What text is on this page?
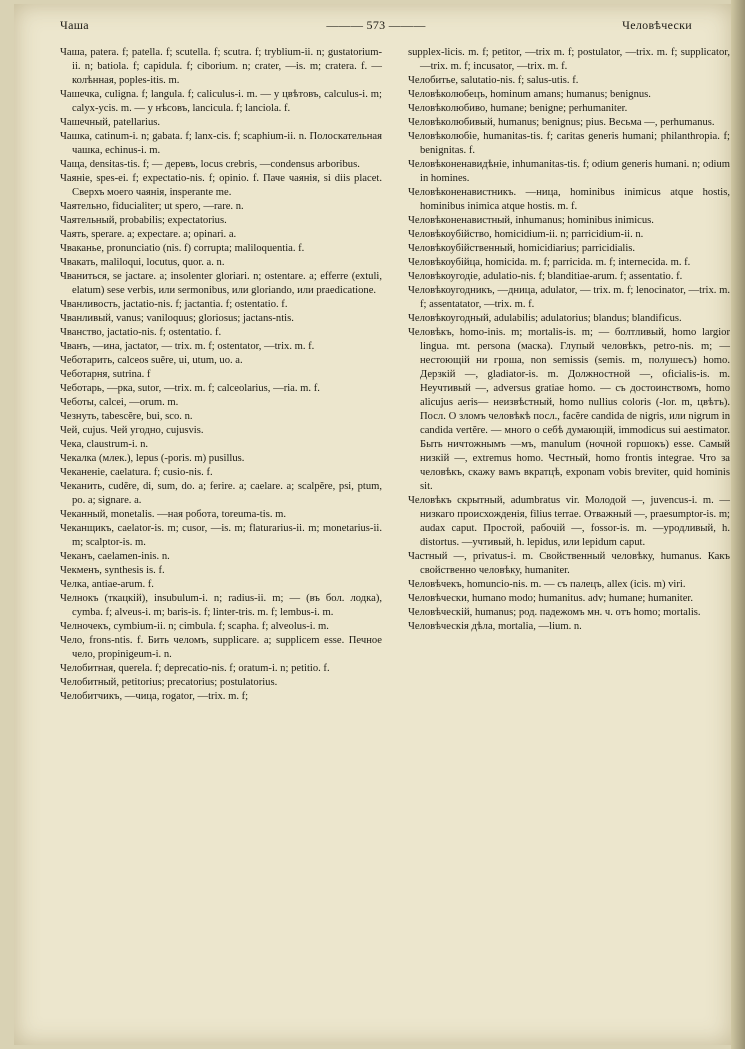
Чаша	——— 573 ———	Человѣчески

Чаша, patera. f; patella. f; scutella. f; scutra. f; tryblium-ii. n; gustatorium-ii. n; batiola. f; capidula. f; ciborium. n; crater, —is. m; cratera. f. — колѣнная, poples-itis. m.

Чашечка, culigna. f; langula. f; caliculus-i. m. — у цвѣтовъ, calculus-i. m; calyx-ycis. m. — у нѣсовъ, lancicula. f; lanciola. f.

Чашечный, patellarius.

Чашка, catinum-i. n; gabata. f; lanx-cis. f; scaphium-ii. n. Полоскательная чашка, echinus-i. m.

Чаща, densitas-tis. f; — деревъ, locus crebris, —condensus arboribus.

Чаяніе, spes-ei. f; expectatio-nis. f; opinio. f. Паче чаянія, si diis placet. Сверхъ моего чаянія, insperante me.

Чаятельно, fiducialiter; ut spero, —rare. n.

Чаятельный, probabilis; expectatorius.

Чаять, sperare. a; expectare. a; opinari. a.

Чваканье, pronunciatio (nis. f) corrupta; maliloquentia. f.

Чвакать, maliloqui, locutus, quor. a. n.

Чваниться, se jactare. a; insolenter gloriari. n; ostentare. a; efferre (extuli, elatum) sese verbis, или sermonibus, или gloriando, или praedicatione.

Чванливость, jactatio-nis. f; jactantia. f; ostentatio. f.

Чванливый, vanus; vaniloquus; gloriosus; jactans-ntis.

Чванство, jactatio-nis. f; ostentatio. f.

Чванъ, —ина, jactator, — trix. m. f; ostentator, —trix. m. f.

Чеботарить, calceos suĕre, ui, utum, uo. a.

Чеботарня, sutrina. f

Чеботарь, —рка, sutor, —trix. m. f; calceolarius, —ria. m. f.

Чеботы, calcei, —orum. m.

Чезнуть, tabescĕre, bui, sco. n.

Чей, cujus. Чей угодно, cujusvis.

Чека, claustrum-i. n.

Чекалка (млек.), lepus (-poris. m) pusillus.

Чеканеніе, caelatura. f; cusio-nis. f.

Чеканить, cudĕre, di, sum, do. a; ferire. a; caelare. a; scalpĕre, psi, ptum, po. a; signare. a.

Чеканный, monetalis. —ная робота, toreuma-tis. m.

Чеканщикъ, caelator-is. m; cusor, —is. m; flaturarius-ii. m; monetarius-ii. m; scalptor-is. m.

Чеканъ, caelamen-inis. n.

Чекменъ, synthesis is. f.

Челка, antiae-arum. f.

Челнокъ (ткацкій), insubulum-i. n; radius-ii. m; — (въ бол. лодка), cymba. f; alveus-i. m; baris-is. f; linter-tris. m. f; lembus-i. m.

Челночекъ, cymbium-ii. n; cimbula. f; scapha. f; alveolus-i. m.

Чело, frons-ntis. f. Бить челомъ, supplicare. a; supplicem esse. Печное чело, propinigeum-i. n.

Челобитная, querela. f; deprecatio-nis. f; oratum-i. n; petitio. f.

Челобитный, petitorius; precatorius; postulatorius.

Челобитчикъ, —чица, rogator, —trix. m. f;

supplex-licis. m. f; petitor, —trix m. f; postulator, —trix. m. f; supplicator, —trix. m. f; incusator, —trix. m. f.

Челобитье, salutatio-nis. f; salus-utis. f.

Человѣколюбецъ, hominum amans; humanus; benignus.

Человѣколюбиво, humane; benigne; perhumaniter.

Человѣколюбивый, humanus; benignus; pius. Весьма —, perhumanus.

Человѣколюбіе, humanitas-tis. f; caritas generis humani; philanthropia. f; benignitas. f.

Человѣконенавидѣніе, inhumanitas-tis. f; odium generis humani. n; odium in homines.

Человѣконенавистникъ. —ница, hominibus inimicus atque hostis, hominibus inimica atque hostis. m. f.

Человѣконенавистный, inhumanus; hominibus inimicus.

Человѣкоубійство, homicidium-ii. n; parricidium-ii. n.

Человѣкоубійственный, homicidiarius; parricidialis.

Человѣкоубійца, homicida. m. f; parricida. m. f; internecida. m. f.

Человѣкоугодіе, adulatio-nis. f; blanditiae-arum. f; assentatio. f.

Человѣкоугодникъ, —дница, adulator, — trix. m. f; lenocinator, —trix. m. f; assentatator, —trix. m. f.

Человѣкоугодный, adulabilis; adulatorius; blandus; blandificus.

Человѣкъ, homo-inis. m; mortalis-is. m; — болтливый, homo largior lingua. mt. persona (маска). Глупый человѣкъ, petro-nis. m; — нестоющій ни гроша, non semissis (semis. m, полушесъ) homo. Дерзкій —, gladiator-is. m. Должностной —, oficialis-is. m. Неучтивый —, adversus gratiae homo. — съ достоинствомъ, homo alicujus aeris— неизвѣстный, homo nullius coloris (-lor. m, цвѣтъ). Посл. О зломъ человѣкѣ посл., facĕre candida de nigris, или nigrum in candida vertĕre. — много о себѣ думающій, immodicus sui aestimator. Быть ничтожнымъ —мъ, manulum (ночной горшокъ) esse. Самый низкій —, extremus homo. Честный, homo frontis integrae. Что за человѣкъ, скажу вамъ вкратцѣ, exponam vobis breviter, quid hominis sit.

Человѣкъ скрытный, adumbratus vir. Молодой —, juvencus-i. m. — низкаго происхожденія, filius terrae. Отважный —, praesumptor-is. m; audax caput. Простой, рабочій —, fossor-is. m. —уродливый, h. distortus. —учтивый, h. lepidus, или lepidum caput.

Частный —, privatus-i. m. Свойственный человѣку, humanus. Какъ свойственно человѣку, humaniter.

Человѣчекъ, homuncio-nis. m. — съ палецъ, allex (icis. m) viri.

Человѣчески, humano modo; humanitus. adv; humane; humaniter.

Человѣческій, humanus; род. падежомъ мн. ч. отъ homo; mortalis.

Человѣческія дѣла, mortalia, —lium. n.
